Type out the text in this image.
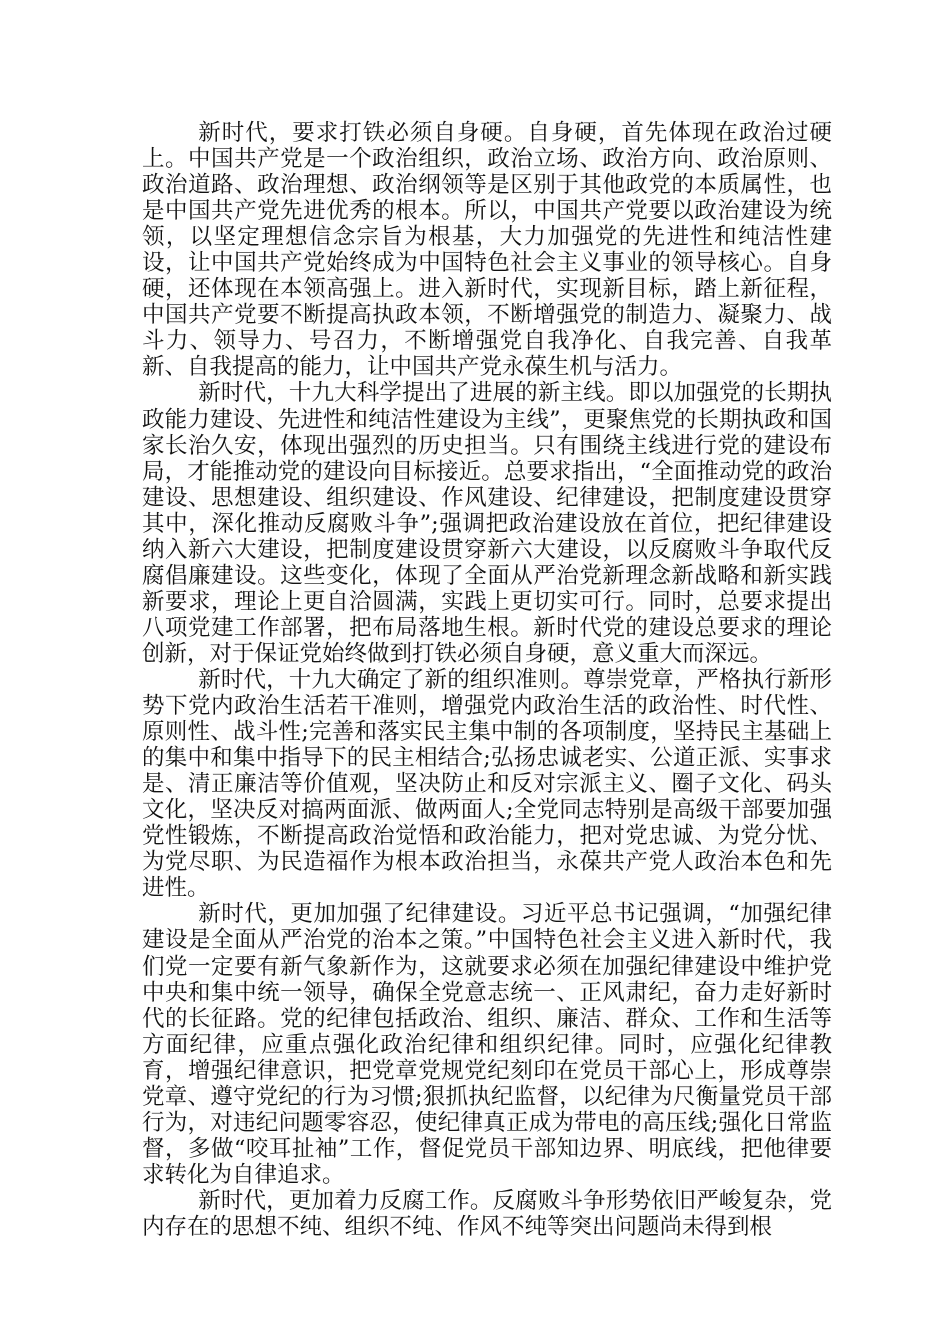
新时代，要求打铁必须自身硬。自身硬，首先体现在政治过硬上。中国共产党是一个政治组织，政治立场、政治方向、政治原则、政治道路、政治理想、政治纲领等是区别于其他政党的本质属性，也是中国共产党先进优秀的根本。所以，中国共产党要以政治建设为统领，以坚定理想信念宗旨为根基，大力加强党的先进性和纯洁性建设，让中国共产党始终成为中国特色社会主义事业的领导核心。自身硬，还体现在本领高强上。进入新时代，实现新目标，踏上新征程，中国共产党要不断提高执政本领，不断增强党的制造力、凝聚力、战斗力、领导力、号召力，不断增强党自我净化、自我完善、自我革新、自我提高的能力，让中国共产党永葆生机与活力。

新时代，十九大科学提出了进展的新主线。即以加强党的长期执政能力建设、先进性和纯洁性建设为主线”，更聚焦党的长期执政和国家长治久安，体现出强烈的历史担当。只有围绕主线进行党的建设布局，才能推动党的建设向目标接近。总要求指出，“全面推动党的政治建设、思想建设、组织建设、作风建设、纪律建设，把制度建设贯穿其中，深化推动反腐败斗争”;强调把政治建设放在首位，把纪律建设纳入新六大建设，把制度建设贯穿新六大建设，以反腐败斗争取代反腐倡廉建设。这些变化，体现了全面从严治党新理念新战略和新实践新要求，理论上更自洽圆满，实践上更切实可行。同时，总要求提出八项党建工作部署，把布局落地生根。新时代党的建设总要求的理论创新，对于保证党始终做到打铁必须自身硬，意义重大而深远。

新时代，十九大确定了新的组织准则。尊崇党章，严格执行新形势下党内政治生活若干准则，增强党内政治生活的政治性、时代性、原则性、战斗性;完善和落实民主集中制的各项制度，坚持民主基础上的集中和集中指导下的民主相结合;弘扬忠诚老实、公道正派、实事求是、清正廉洁等价值观，坚决防止和反对宗派主义、圈子文化、码头文化，坚决反对搞两面派、做两面人;全党同志特别是高级干部要加强党性锻炼，不断提高政治觉悟和政治能力，把对党忠诚、为党分忧、为党尽职、为民造福作为根本政治担当，永葆共产党人政治本色和先进性。

新时代，更加加强了纪律建设。习近平总书记强调，“加强纪律建设是全面从严治党的治本之策。”中国特色社会主义进入新时代，我们党一定要有新气象新作为，这就要求必须在加强纪律建设中维护党中央和集中统一领导，确保全党意志统一、正风肃纪，奋力走好新时代的长征路。党的纪律包括政治、组织、廉洁、群众、工作和生活等方面纪律，应重点强化政治纪律和组织纪律。同时，应强化纪律教育，增强纪律意识，把党章党规党纪刻印在党员干部心上，形成尊崇党章、遵守党纪的行为习惯;狠抓执纪监督，以纪律为尺衡量党员干部行为，对违纪问题零容忍，使纪律真正成为带电的高压线;强化日常监督，多做“咬耳扯袖”工作，督促党员干部知边界、明底线，把他律要求转化为自律追求。

新时代，更加着力反腐工作。反腐败斗争形势依旧严峻复杂，党内存在的思想不纯、组织不纯、作风不纯等突出问题尚未得到根
